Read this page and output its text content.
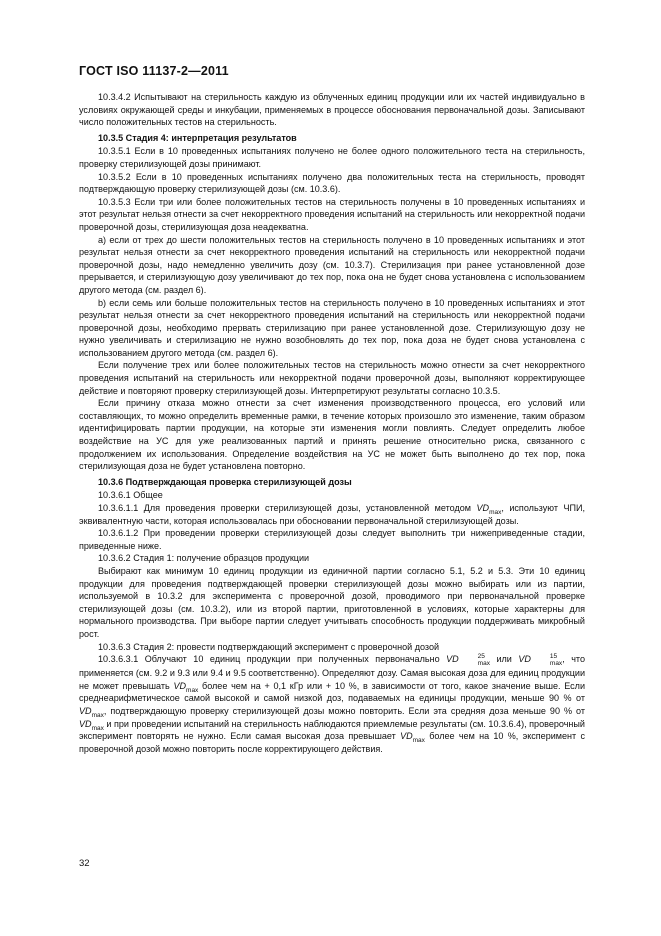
ГОСТ ISO 11137-2—2011

10.3.4.2 Испытывают на стерильность каждую из облученных единиц продукции или их частей индивидуально в условиях окружающей среды и инкубации, применяемых в процессе обоснования первоначальной дозы. Записывают число положительных тестов на стерильность.

10.3.5 Стадия 4: интерпретация результатов

10.3.5.1 Если в 10 проведенных испытаниях получено не более одного положительного теста на стерильность, проверку стерилизующей дозы принимают.

10.3.5.2 Если в 10 проведенных испытаниях получено два положительных теста на стерильность, проводят подтверждающую проверку стерилизующей дозы (см. 10.3.6).

10.3.5.3 Если три или более положительных тестов на стерильность получены в 10 проведенных испытаниях и этот результат нельзя отнести за счет некорректного проведения испытаний на стерильность или некорректной подачи проверочной дозы, стерилизующая доза неадекватна.

a) если от трех до шести положительных тестов на стерильность получено в 10 проведенных испытаниях и этот результат нельзя отнести за счет некорректного проведения испытаний на стерильность или некорректной подачи проверочной дозы, надо немедленно увеличить дозу (см. 10.3.7). Стерилизация при ранее установленной дозе прерывается, и стерилизующую дозу увеличивают до тех пор, пока она не будет снова установлена с использованием другого метода (см. раздел 6).

b) если семь или больше положительных тестов на стерильность получено в 10 проведенных испытаниях и этот результат нельзя отнести за счет некорректного проведения испытаний на стерильность или некорректной подачи проверочной дозы, необходимо прервать стерилизацию при ранее установленной дозе. Стерилизующую дозу не нужно увеличивать и стерилизацию не нужно возобновлять до тех пор, пока доза не будет снова установлена с использованием другого метода (см. раздел 6).

Если получение трех или более положительных тестов на стерильность можно отнести за счет некорректного проведения испытаний на стерильность или некорректной подачи проверочной дозы, выполняют корректирующее действие и повторяют проверку стерилизующей дозы. Интерпретируют результаты согласно 10.3.5.

Если причину отказа можно отнести за счет изменения производственного процесса, его условий или составляющих, то можно определить временные рамки, в течение которых произошло это изменение, таким образом идентифицировать партии продукции, на которые эти изменения могли повлиять. Следует определить любое воздействие на УС для уже реализованных партий и принять решение относительно риска, связанного с продолжением их использования. Определение воздействия на УС не может быть выполнено до тех пор, пока стерилизующая доза не будет установлена повторно.

10.3.6 Подтверждающая проверка стерилизующей дозы

10.3.6.1 Общее

10.3.6.1.1 Для проведения проверки стерилизующей дозы, установленной методом $VD_{max}$, используют ЧПИ, эквивалентную части, которая использовалась при обосновании первоначальной стерилизующей дозы.

10.3.6.1.2 При проведении проверки стерилизующей дозы следует выполнить три нижеприведенные стадии, приведенные ниже.

10.3.6.2 Стадия 1: получение образцов продукции

Выбирают как минимум 10 единиц продукции из единичной партии согласно 5.1, 5.2 и 5.3. Эти 10 единиц продукции для проведения подтверждающей проверки стерилизующей дозы можно выбирать или из партии, используемой в 10.3.2 для эксперимента с проверочной дозой, проводимого при первоначальной проверке стерилизующей дозы (см. 10.3.2), или из второй партии, приготовленной в условиях, которые характерны для нормального производства. При выборе партии следует учитывать способность продукции поддерживать микробный рост.

10.3.6.3 Стадия 2: провести подтверждающий эксперимент с проверочной дозой

10.3.6.3.1 Облучают 10 единиц продукции при полученных первоначально VD	25
max или VD	15
max , что применяется (см. 9.2 и 9.3 или 9.4 и 9.5 соответственно). Определяют дозу. Самая высокая доза для единиц продукции не может превышать $VD_{max}$ более чем на + 0,1 кГр или + 10 %, в зависимости от того, какое значение выше. Если среднеарифметическое самой высокой и самой низкой доз, подаваемых на единицы продукции, меньше 90 % от $VD_{max}$, подтверждающую проверку стерилизующей дозы можно повторить. Если эта средняя доза меньше 90 % от $VD_{max}$ и при проведении испытаний на стерильность наблюдаются приемлемые результаты (см. 10.3.6.4), проверочный эксперимент повторять не нужно. Если самая высокая доза превышает $VD_{max}$ более чем на 10 %, эксперимент с проверочной дозой можно повторить после корректирующего действия.

32
